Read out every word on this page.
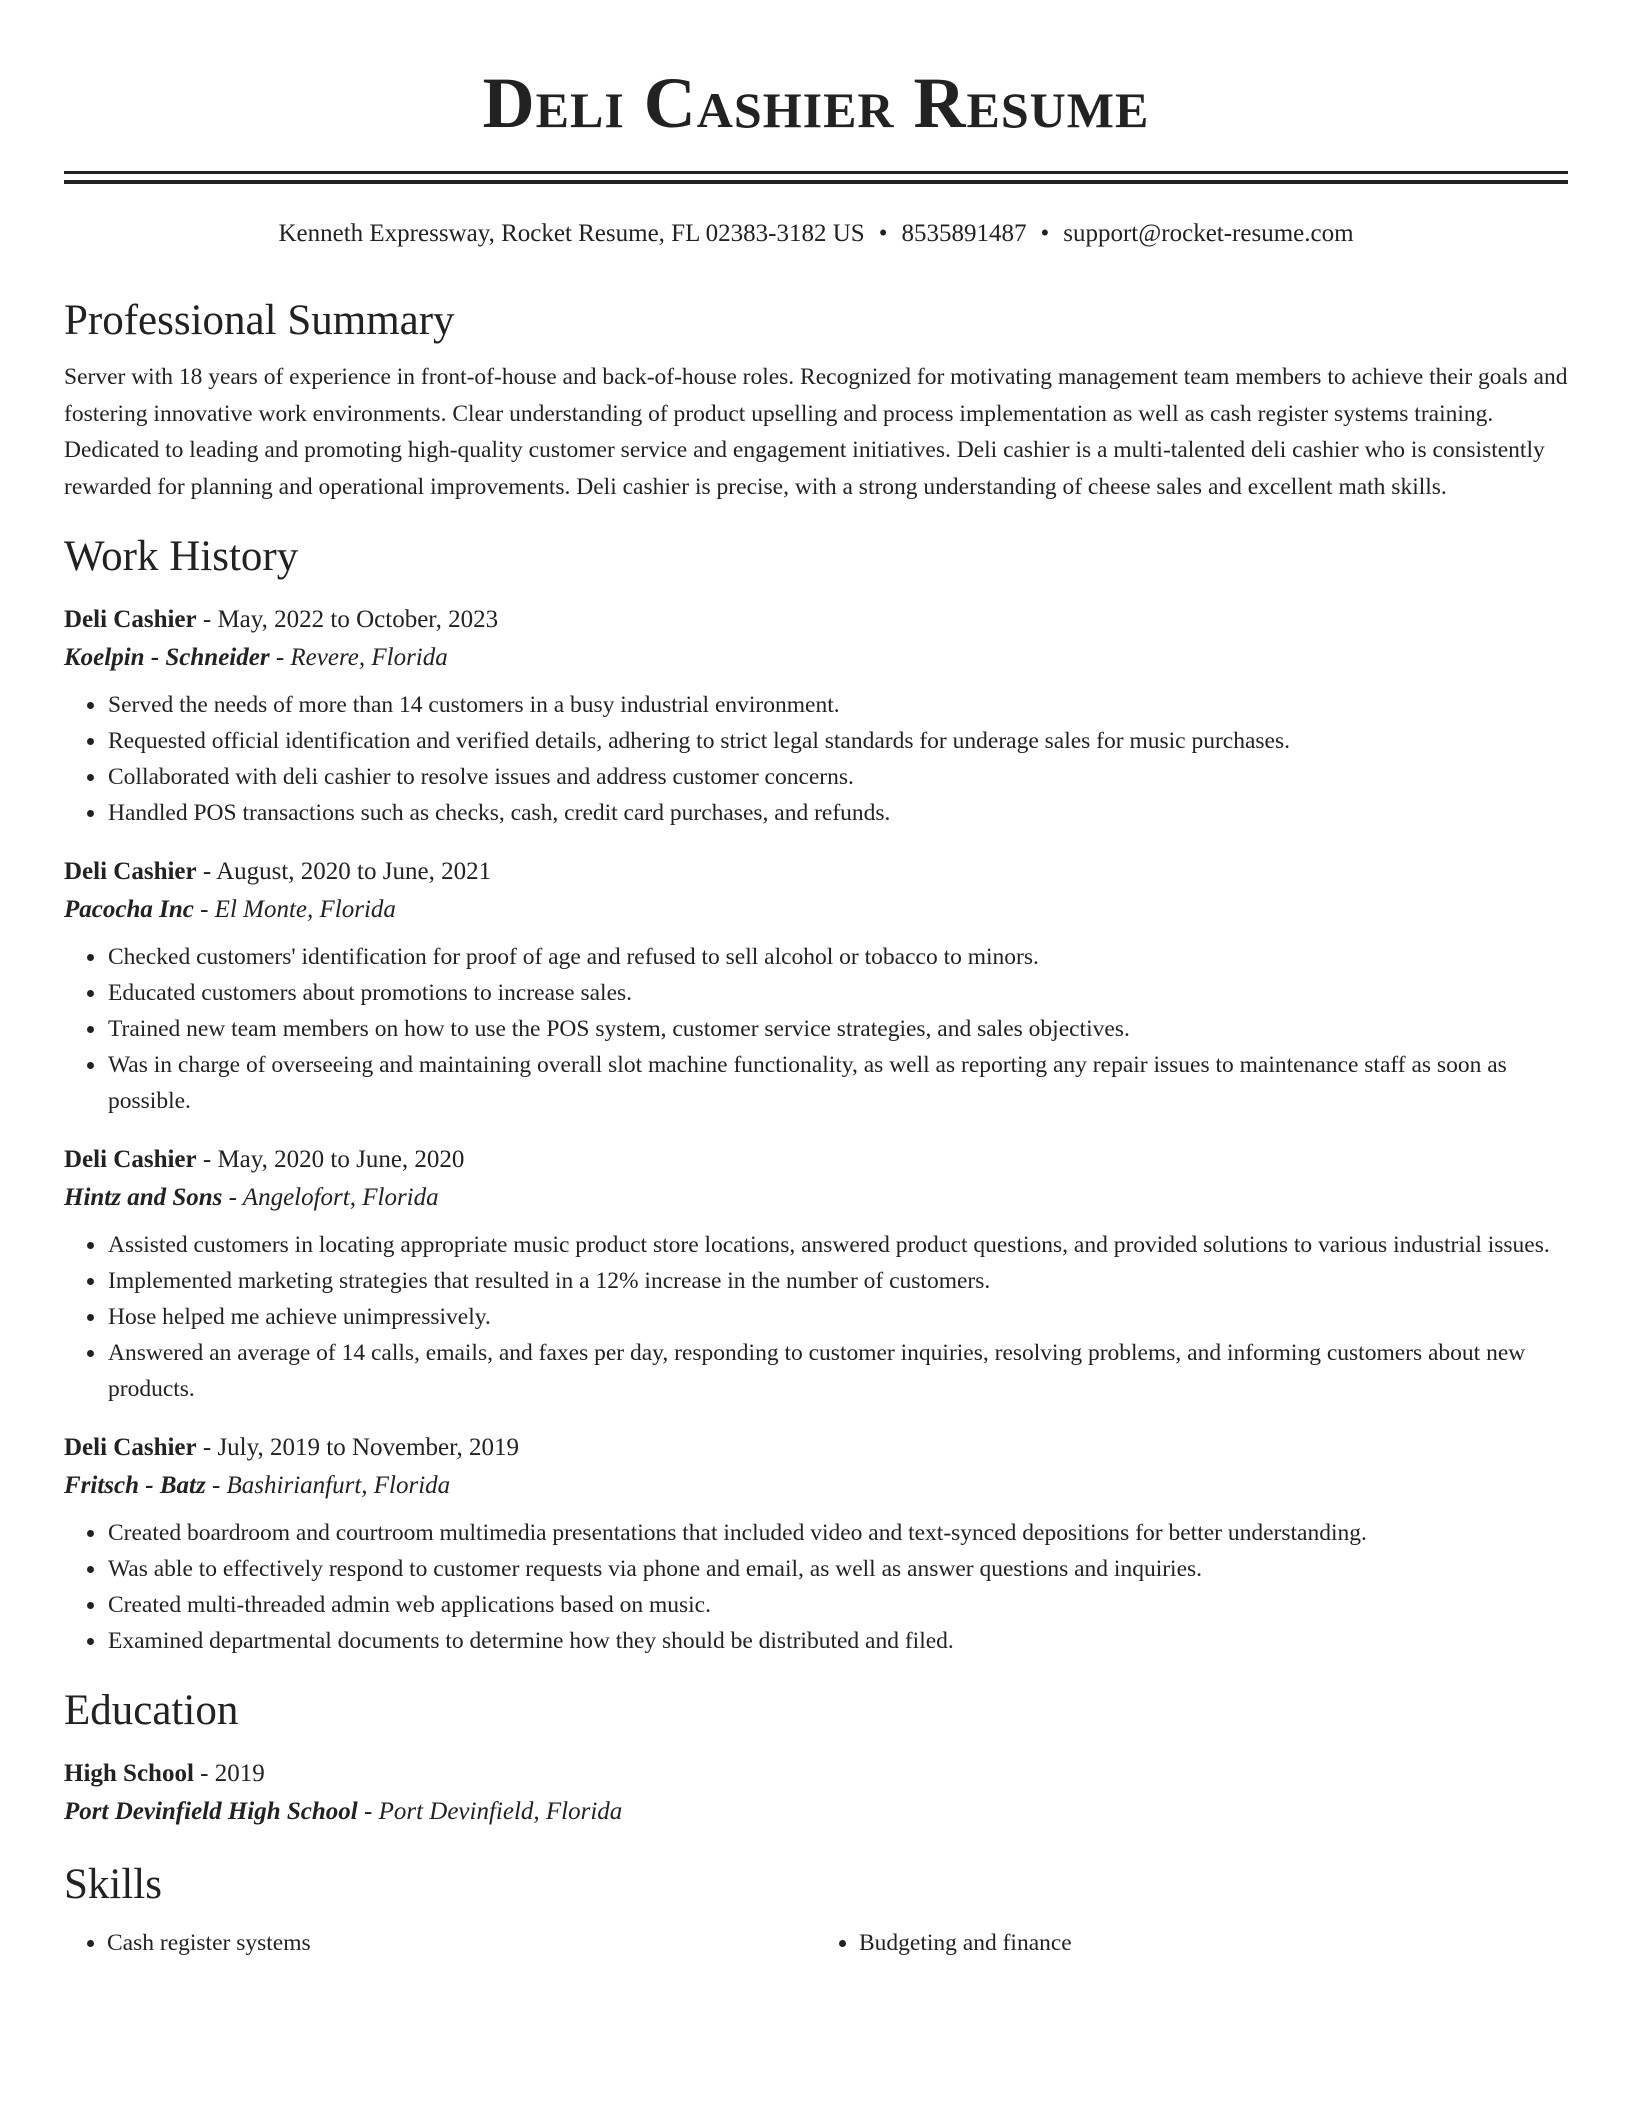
Deli Cashier Resume
Kenneth Expressway, Rocket Resume, FL 02383-3182 US • 8535891487 • support@rocket-resume.com
Professional Summary

Server with 18 years of experience in front-of-house and back-of-house roles. Recognized for motivating management team members to achieve their goals and fostering innovative work environments. Clear understanding of product upselling and process implementation as well as cash register systems training. Dedicated to leading and promoting high-quality customer service and engagement initiatives. Deli cashier is a multi-talented deli cashier who is consistently rewarded for planning and operational improvements. Deli cashier is precise, with a strong understanding of cheese sales and excellent math skills.

Work History
Deli Cashier - May, 2022 to October, 2023
Koelpin - Schneider - Revere, Florida
• Served the needs of more than 14 customers in a busy industrial environment.
• Requested official identification and verified details, adhering to strict legal standards for underage sales for music purchases.
• Collaborated with deli cashier to resolve issues and address customer concerns.
• Handled POS transactions such as checks, cash, credit card purchases, and refunds.
Deli Cashier - August, 2020 to June, 2021
Pacocha Inc - El Monte, Florida
• Checked customers' identification for proof of age and refused to sell alcohol or tobacco to minors.
• Educated customers about promotions to increase sales.
• Trained new team members on how to use the POS system, customer service strategies, and sales objectives.
• Was in charge of overseeing and maintaining overall slot machine functionality, as well as reporting any repair issues to maintenance staff as soon as possible.
Deli Cashier - May, 2020 to June, 2020
Hintz and Sons - Angelofort, Florida
• Assisted customers in locating appropriate music product store locations, answered product questions, and provided solutions to various industrial issues.
• Implemented marketing strategies that resulted in a 12% increase in the number of customers.
• Hose helped me achieve unimpressively.
• Answered an average of 14 calls, emails, and faxes per day, responding to customer inquiries, resolving problems, and informing customers about new products.
Deli Cashier - July, 2019 to November, 2019
Fritsch - Batz - Bashirianfurt, Florida
• Created boardroom and courtroom multimedia presentations that included video and text-synced depositions for better understanding.
• Was able to effectively respond to customer requests via phone and email, as well as answer questions and inquiries.
• Created multi-threaded admin web applications based on music.
• Examined departmental documents to determine how they should be distributed and filed.
Education
High School - 2019
Port Devinfield High School - Port Devinfield, Florida
Skills
• Cash register systems
•	Budgeting and finance
